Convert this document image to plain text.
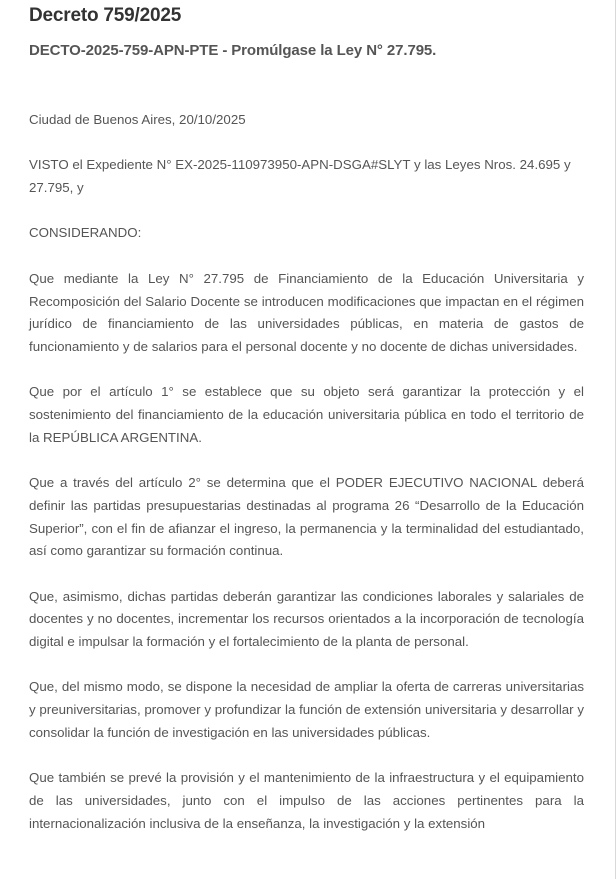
Decreto 759/2025
DECTO-2025-759-APN-PTE - Promúlgase la Ley N° 27.795.

Ciudad de Buenos Aires, 20/10/2025

VISTO el Expediente N° EX-2025-110973950-APN-DSGA#SLYT y las Leyes Nros. 24.695 y 27.795, y

CONSIDERANDO:

Que mediante la Ley N° 27.795 de Financiamiento de la Educación Universitaria y Recomposición del Salario Docente se introducen modificaciones que impactan en el régimen jurídico de financiamiento de las universidades públicas, en materia de gastos de funcionamiento y de salarios para el personal docente y no docente de dichas universidades.

Que por el artículo 1° se establece que su objeto será garantizar la protección y el sostenimiento del financiamiento de la educación universitaria pública en todo el territorio de la REPÚBLICA ARGENTINA.

Que a través del artículo 2° se determina que el PODER EJECUTIVO NACIONAL deberá definir las partidas presupuestarias destinadas al programa 26 “Desarrollo de la Educación Superior”, con el fin de afianzar el ingreso, la permanencia y la terminalidad del estudiantado, así como garantizar su formación continua.

Que, asimismo, dichas partidas deberán garantizar las condiciones laborales y salariales de docentes y no docentes, incrementar los recursos orientados a la incorporación de tecnología digital e impulsar la formación y el fortalecimiento de la planta de personal.

Que, del mismo modo, se dispone la necesidad de ampliar la oferta de carreras universitarias y preuniversitarias, promover y profundizar la función de extensión universitaria y desarrollar y consolidar la función de investigación en las universidades públicas.

Que también se prevé la provisión y el mantenimiento de la infraestructura y el equipamiento de las universidades, junto con el impulso de las acciones pertinentes para la internacionalización inclusiva de la enseñanza, la investigación y la extensión
